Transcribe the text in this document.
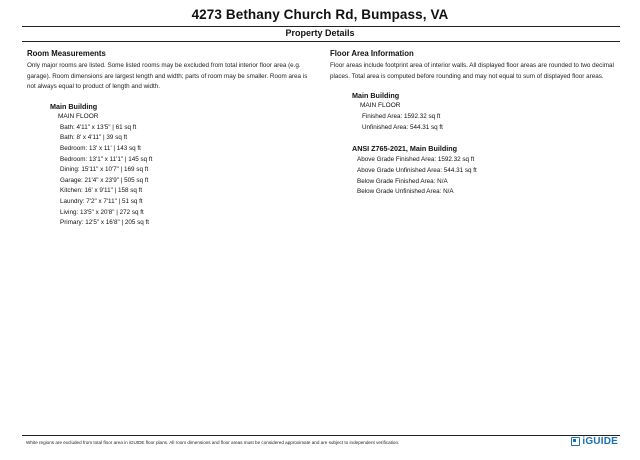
4273 Bethany Church Rd, Bumpass, VA
Property Details
Room Measurements
Only major rooms are listed. Some listed rooms may be excluded from total interior floor area (e.g. garage). Room dimensions are largest length and width; parts of room may be smaller. Room area is not always equal to product of length and width.
Main Building
MAIN FLOOR
Bath: 4'11" x 13'5" | 61 sq ft
Bath: 8' x 4'11" | 39 sq ft
Bedroom: 13' x 11' | 143 sq ft
Bedroom: 13'1" x 11'1" | 145 sq ft
Dining: 15'11" x 10'7" | 169 sq ft
Garage: 21'4" x 23'9" | 505 sq ft
Kitchen: 16' x 9'11" | 158 sq ft
Laundry: 7'2" x 7'11" | 51 sq ft
Living: 13'5" x 20'8" | 272 sq ft
Primary: 12'5" x 16'8" | 205 sq ft
Floor Area Information
Floor areas include footprint area of interior walls. All displayed floor areas are rounded to two decimal places. Total area is computed before rounding and may not equal to sum of displayed floor areas.
Main Building
MAIN FLOOR
Finished Area: 1592.32 sq ft
Unfinished Area: 544.31 sq ft
ANSI Z765-2021, Main Building
Above Grade Finished Area: 1592.32 sq ft
Above Grade Unfinished Area: 544.31 sq ft
Below Grade Finished Area: N/A
Below Grade Unfinished Area: N/A
White regions are excluded from total floor area in iGUIDE floor plans. All room dimensions and floor areas must be considered approximate and are subject to independent verification.	iGUIDE
